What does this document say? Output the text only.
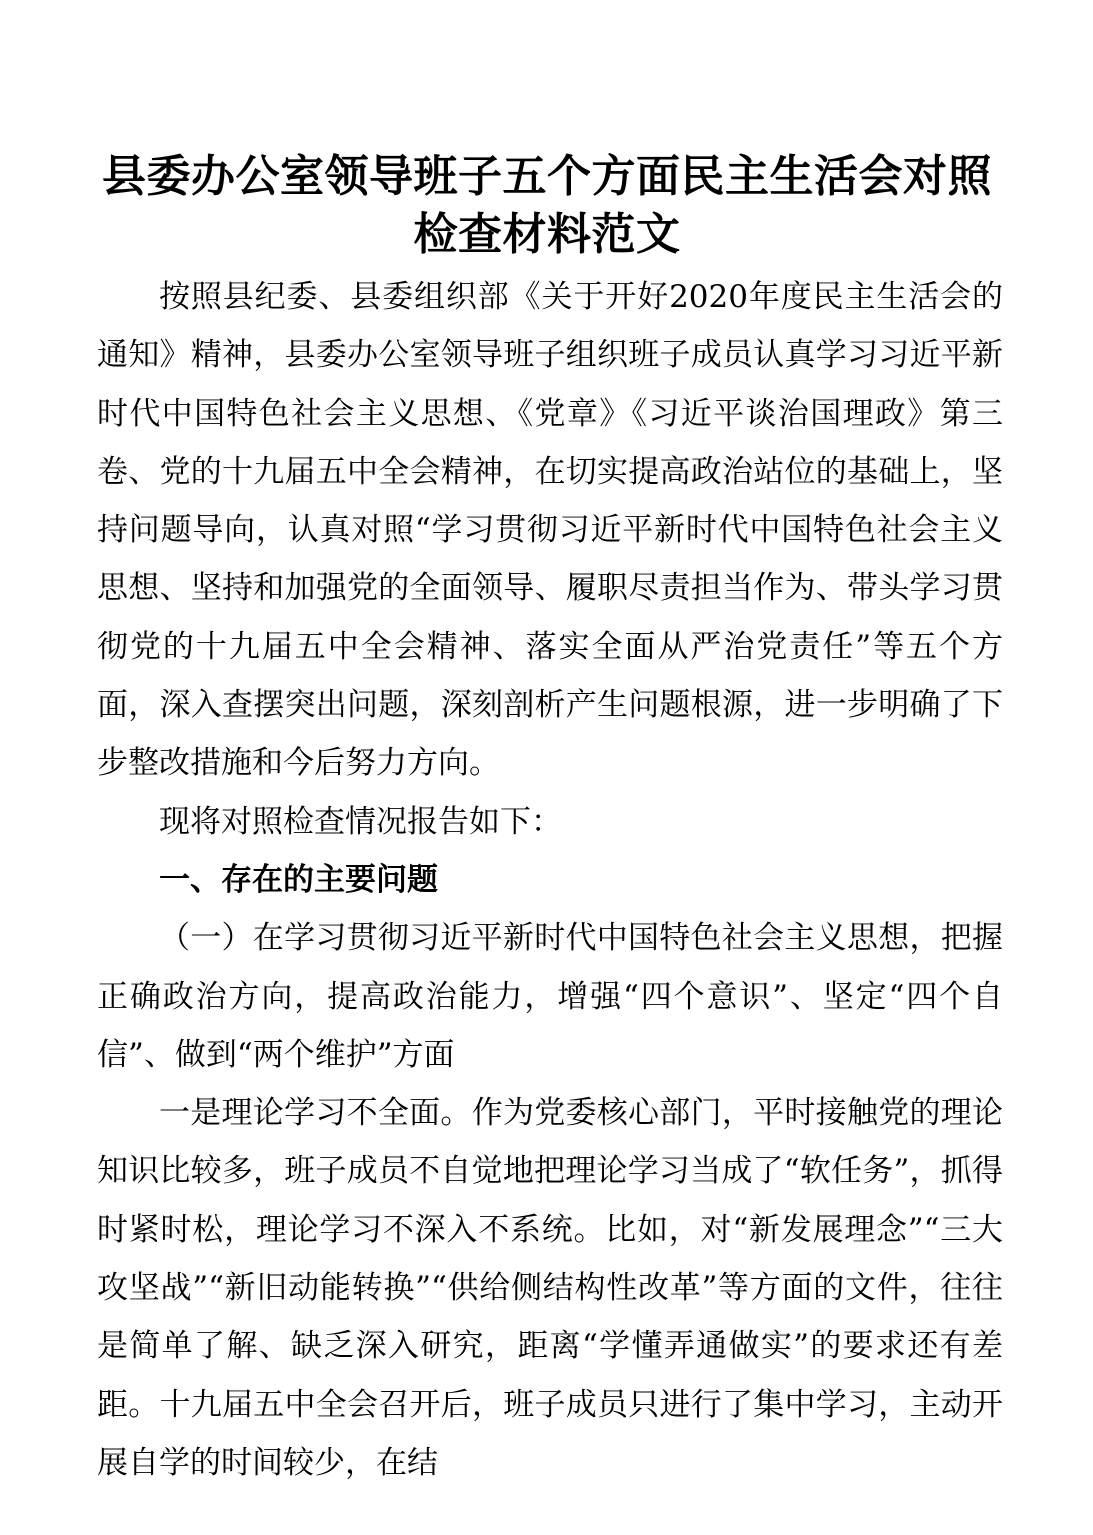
县委办公室领导班子五个方面民主生活会对照检查材料范文

按照县纪委、县委组织部《关于开好2020年度民主生活会的通知》精神，县委办公室领导班子组织班子成员认真学习习近平新时代中国特色社会主义思想、《党章》《习近平谈治国理政》第三卷、党的十九届五中全会精神，在切实提高政治站位的基础上，坚持问题导向，认真对照“学习贯彻习近平新时代中国特色社会主义思想、坚持和加强党的全面领导、履职尽责担当作为、带头学习贯彻党的十九届五中全会精神、落实全面从严治党责任”等五个方面，深入查摆突出问题，深刻剖析产生问题根源，进一步明确了下步整改措施和今后努力方向。

现将对照检查情况报告如下：

一、存在的主要问题

（一）在学习贯彻习近平新时代中国特色社会主义思想，把握正确政治方向，提高政治能力，增强“四个意识”、坚定“四个自信”、做到“两个维护”方面

一是理论学习不全面。作为党委核心部门，平时接触党的理论知识比较多，班子成员不自觉地把理论学习当成了“软任务”，抓得时紧时松，理论学习不深入不系统。比如，对“新发展理念”“三大攻坚战”“新旧动能转换”“供给侧结构性改革”等方面的文件，往往是简单了解、缺乏深入研究，距离“学懂弄通做实”的要求还有差距。十九届五中全会召开后，班子成员只进行了集中学习，主动开展自学的时间较少，在结
